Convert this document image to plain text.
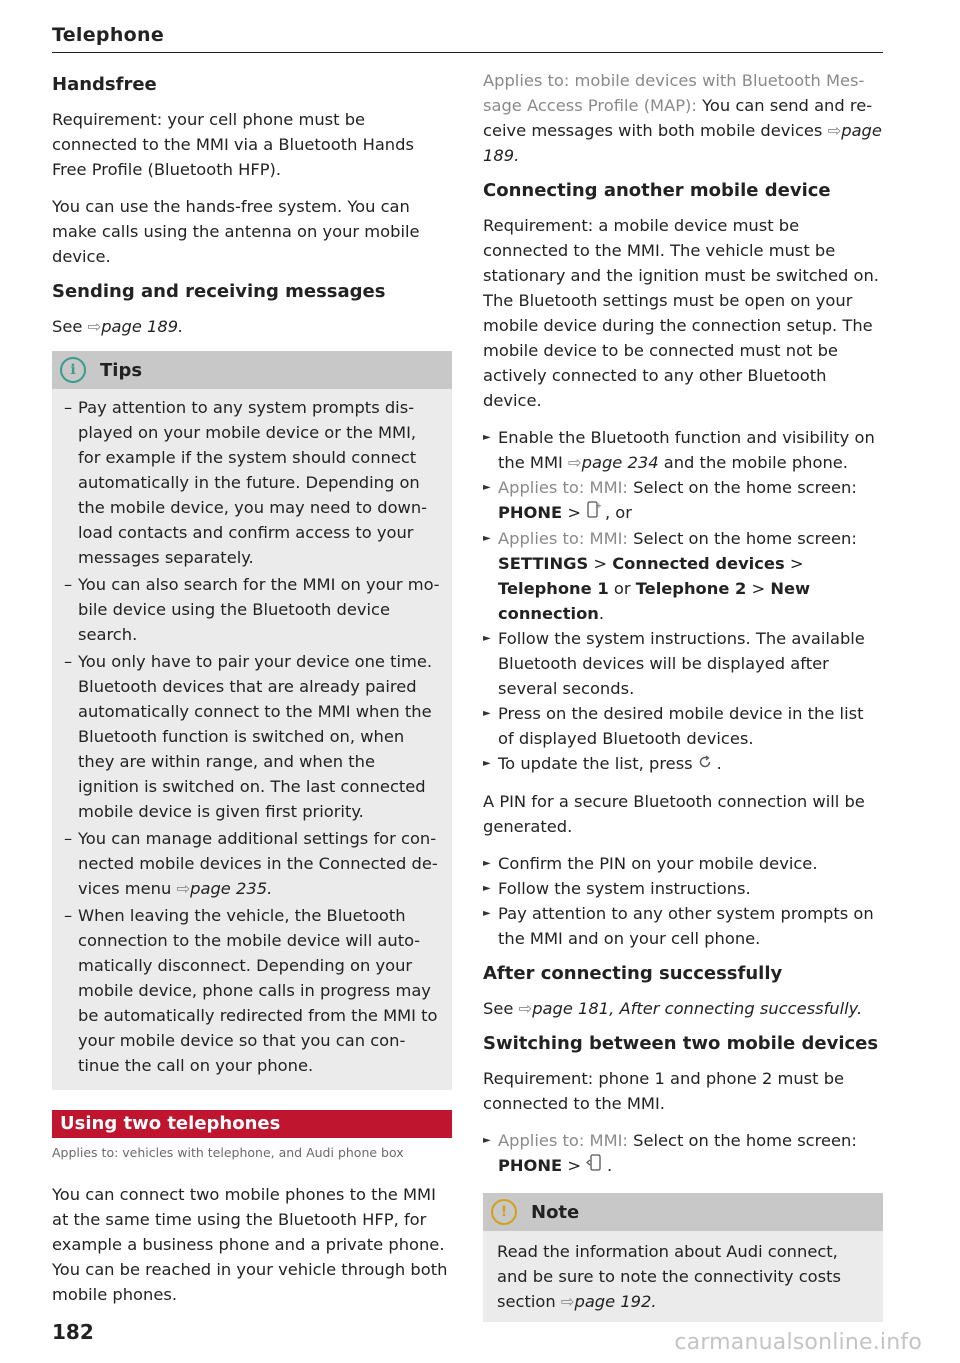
Telephone
Handsfree

Requirement: your cell phone must be connected to the MMI via a Bluetooth Hands Free Profile (Bluetooth HFP).

You can use the hands-free system. You can make calls using the antenna on your mobile device.

Sending and receiving messages

See ⇨page 189.

i	Tips
– Pay attention to any system prompts displayed on your mobile device or the MMI, for example if the system should connect automatically in the future. Depending on the mobile device, you may need to download contacts and confirm access to your messages separately.
– You can also search for the MMI on your mobile device using the Bluetooth device search.
– You only have to pair your device one time. Bluetooth devices that are already paired automatically connect to the MMI when the Bluetooth function is switched on, when they are within range, and when the ignition is switched on. The last connected mobile device is given first priority.
– You can manage additional settings for connected mobile devices in the Connected devices menu ⇨page 235.
– When leaving the vehicle, the Bluetooth connection to the mobile device will automatically disconnect. Depending on your mobile device, phone calls in progress may be automatically redirected from the MMI to your mobile device so that you can continue the call on your phone.
Using two telephones
Applies to: vehicles with telephone, and Audi phone box

You can connect two mobile phones to the MMI at the same time using the Bluetooth HFP, for example a business phone and a private phone. You can be reached in your vehicle through both mobile phones.

Applies to: mobile devices with Bluetooth Message Access Profile (MAP): You can send and receive messages with both mobile devices ⇨page 189.

Connecting another mobile device

Requirement: a mobile device must be connected to the MMI. The vehicle must be stationary and the ignition must be switched on. The Bluetooth settings must be open on your mobile device during the connection setup. The mobile device to be connected must not be actively connected to any other Bluetooth device.

► Enable the Bluetooth function and visibility on the MMI ⇨page 234 and the mobile phone.
► Applies to: MMI: Select on the home screen: PHONE > + , or
► Applies to: MMI: Select on the home screen: SETTINGS > Connected devices > Telephone 1 or Telephone 2 > New connection.
► Follow the system instructions. The available Bluetooth devices will be displayed after several seconds.
► Press on the desired mobile device in the list of displayed Bluetooth devices.
► To update the list, press .

A PIN for a secure Bluetooth connection will be generated.

► Confirm the PIN on your mobile device.
► Follow the system instructions.
► Pay attention to any other system prompts on the MMI and on your cell phone.
After connecting successfully

See ⇨page 181, After connecting successfully.

Switching between two mobile devices

Requirement: phone 1 and phone 2 must be connected to the MMI.

► Applies to: MMI: Select on the home screen: PHONE >  .
!	Note
Read the information about Audi connect, and be sure to note the connectivity costs section ⇨page 192.
182	carmanualsonline.info
